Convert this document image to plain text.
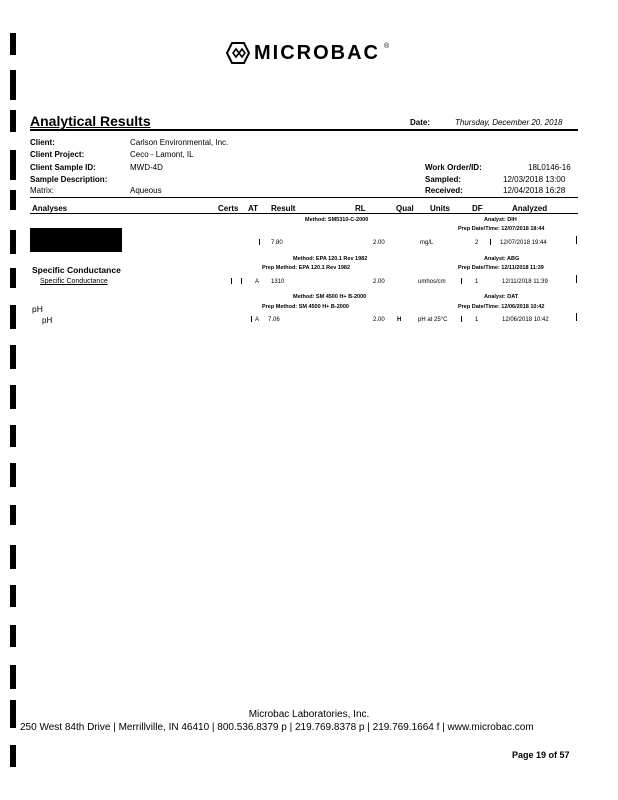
MICROBAC ®
Analytical Results	Date:	Thursday, December 20, 2018
Client:	Carlson Environmental, Inc.
Client Project:	Ceco - Lamont, IL
Client Sample ID:	MWD-4D
Sample Description:
Matrix:	Aqueous
Work Order/ID:	18L0146-16
Sampled:	12/03/2018 13:00
Received:	12/04/2018 16:28
Analyses	Certs AT Result	RL	Qual Units	DF	Analyzed
Method: SM5310-C-2000	Analyst: DIH
Prep Date/Time: 12/07/2018 18:44
7.80	2.00	mg/L	2	12/07/2018 19:44
Method: EPA 120.1 Rev 1982	Analyst: ABG
Prep Method: EPA 120.1 Rev 1982	Prep Date/Time: 12/11/2018 11:39
Specific Conductance
Specific Conductance	A 1310	2.00	umhos/cm	1	12/11/2018 11:39
Method: SM 4500 H+ B-2000	Analyst: DAT
Prep Method: SM 4500 H+ B-2000	Prep Date/Time: 12/06/2018 10:42
pH
pH	A 7.06	2.00 H	pH at 25°C	1	12/06/2018 10:42
Microbac Laboratories, Inc.
250 West 84th Drive | Merrillville, IN 46410 | 800.536.8379 p | 219.769.8378 p | 219.769.1664 f | www.microbac.com
Page 19 of 57
